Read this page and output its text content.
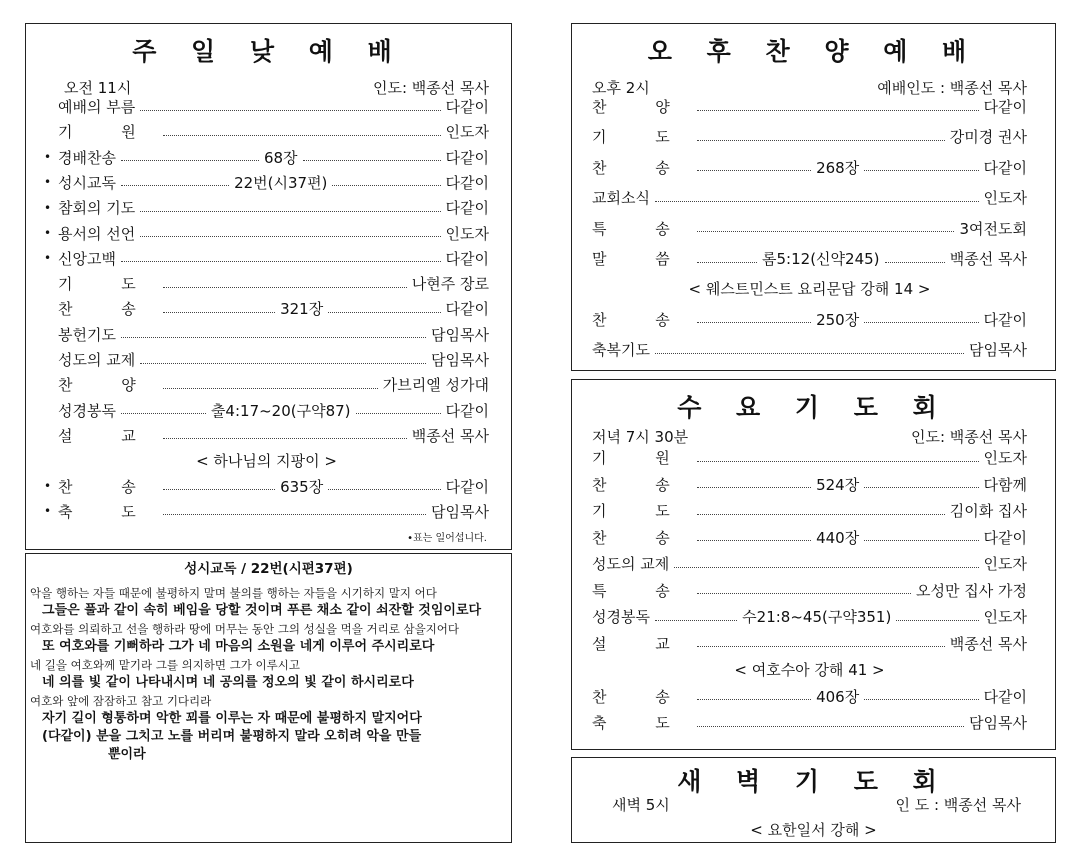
주 일 낮 예 배
오전 11시	인도: 백종선 목사
예배의 부름	다같이
기 원	인도자
• 경배찬송	68장	다같이
• 성시교독	22번(시37편)	다같이
• 참회의 기도	다같이
• 용서의 선언	인도자
• 신앙고백	다같이
기 도	나현주 장로
찬 송	321장	다같이
봉헌기도	담임목사
성도의 교제	담임목사
찬 양	가브리엘 성가대
성경봉독	출4:17~20(구약87)	다같이
설 교	백종선 목사
< 하나님의 지팡이 >
• 찬 송	635장	다같이
• 축 도	담임목사
•표는 일어섭니다.
성시교독 / 22번(시편37편)

악을 행하는 자들 때문에 불평하지 말며 불의를 행하는 자들을 시기하지 말지 어다

그들은 풀과 같이 속히 베임을 당할 것이며 푸른 채소 같이 쇠잔할 것임이로다

여호와를 의뢰하고 선을 행하라 땅에 머무는 동안 그의 성실을 먹을 거리로 삼을지어다

또 여호와를 기뻐하라 그가 네 마음의 소원을 네게 이루어 주시리로다

네 길을 여호와께 맡기라 그를 의지하면 그가 이루시고

네 의를 빛 같이 나타내시며 네 공의를 정오의 빛 같이 하시리로다

여호와 앞에 잠잠하고 참고 기다리라

자기 길이 형통하며 악한 꾀를 이루는 자 때문에 불평하지 말지어다

(다같이) 분을 그치고 노를 버리며 불평하지 말라 오히려 악을 만들

뿐이라

오 후 찬 양 예 배
오후 2시	예배인도 : 백종선 목사
찬 양	다같이
기 도	강미경 권사
찬 송	268장	다같이
교회소식	인도자
특 송	3여전도회
말 씀	롬5:12(신약245)	백종선 목사
< 웨스트민스트 요리문답 강해 14 >
찬 송	250장	다같이
축복기도	담임목사
수 요 기 도 회
저녁 7시 30분	인도: 백종선 목사
기 원	인도자
찬 송	524장	다함께
기 도	김이화 집사
찬 송	440장	다같이
성도의 교제	인도자
특 송	오성만 집사 가정
성경봉독	수21:8~45(구약351)	인도자
설 교	백종선 목사
< 여호수아 강해 41 >
찬 송	406장	다같이
축 도	담임목사
새 벽 기 도 회
새벽 5시	인 도 : 백종선 목사
< 요한일서 강해 >
